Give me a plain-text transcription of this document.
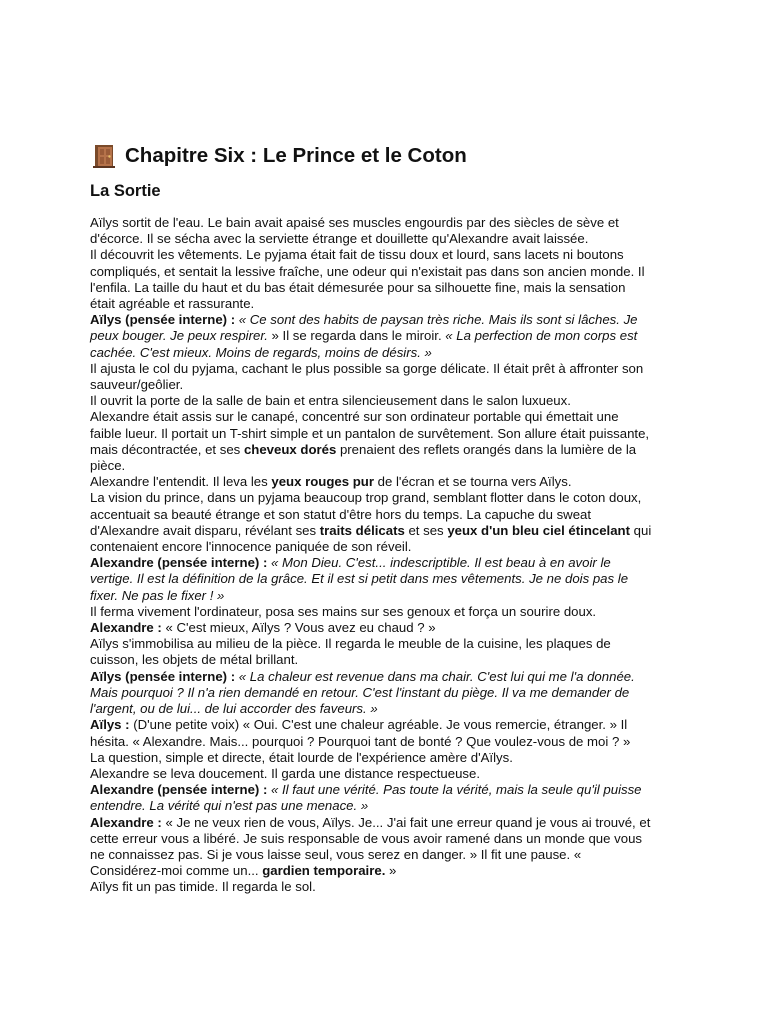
Chapitre Six : Le Prince et le Coton
La Sortie

Aïlys sortit de l'eau. Le bain avait apaisé ses muscles engourdis par des siècles de sève et
d'écorce. Il se sécha avec la serviette étrange et douillette qu'Alexandre avait laissée.

Il découvrit les vêtements. Le pyjama était fait de tissu doux et lourd, sans lacets ni boutons
compliqués, et sentait la lessive fraîche, une odeur qui n'existait pas dans son ancien monde. Il
l'enfila. La taille du haut et du bas était démesurée pour sa silhouette fine, mais la sensation
était agréable et rassurante.

Aïlys (pensée interne) : « Ce sont des habits de paysan très riche. Mais ils sont si lâches. Je
peux bouger. Je peux respirer. » Il se regarda dans le miroir. « La perfection de mon corps est
cachée. C'est mieux. Moins de regards, moins de désirs. »

Il ajusta le col du pyjama, cachant le plus possible sa gorge délicate. Il était prêt à affronter son
sauveur/geôlier.

Il ouvrit la porte de la salle de bain et entra silencieusement dans le salon luxueux.

Alexandre était assis sur le canapé, concentré sur son ordinateur portable qui émettait une
faible lueur. Il portait un T-shirt simple et un pantalon de survêtement. Son allure était puissante,
mais décontractée, et ses cheveux dorés prenaient des reflets orangés dans la lumière de la
pièce.

Alexandre l'entendit. Il leva les yeux rouges pur de l'écran et se tourna vers Aïlys.

La vision du prince, dans un pyjama beaucoup trop grand, semblant flotter dans le coton doux,
accentuait sa beauté étrange et son statut d'être hors du temps. La capuche du sweat
d'Alexandre avait disparu, révélant ses traits délicats et ses yeux d'un bleu ciel étincelant qui
contenaient encore l'innocence paniquée de son réveil.

Alexandre (pensée interne) : « Mon Dieu. C'est... indescriptible. Il est beau à en avoir le
vertige. Il est la définition de la grâce. Et il est si petit dans mes vêtements. Je ne dois pas le
fixer. Ne pas le fixer ! »

Il ferma vivement l'ordinateur, posa ses mains sur ses genoux et força un sourire doux.

Alexandre : « C'est mieux, Aïlys ? Vous avez eu chaud ? »

Aïlys s'immobilisa au milieu de la pièce. Il regarda le meuble de la cuisine, les plaques de
cuisson, les objets de métal brillant.

Aïlys (pensée interne) : « La chaleur est revenue dans ma chair. C'est lui qui me l'a donnée.
Mais pourquoi ? Il n'a rien demandé en retour. C'est l'instant du piège. Il va me demander de
l'argent, ou de lui... de lui accorder des faveurs. »

Aïlys : (D'une petite voix) « Oui. C'est une chaleur agréable. Je vous remercie, étranger. » Il
hésita. « Alexandre. Mais... pourquoi ? Pourquoi tant de bonté ? Que voulez-vous de moi ? »

La question, simple et directe, était lourde de l'expérience amère d'Aïlys.

Alexandre se leva doucement. Il garda une distance respectueuse.

Alexandre (pensée interne) : « Il faut une vérité. Pas toute la vérité, mais la seule qu'il puisse
entendre. La vérité qui n'est pas une menace. »

Alexandre : « Je ne veux rien de vous, Aïlys. Je... J'ai fait une erreur quand je vous ai trouvé, et
cette erreur vous a libéré. Je suis responsable de vous avoir ramené dans un monde que vous
ne connaissez pas. Si je vous laisse seul, vous serez en danger. » Il fit une pause. «
Considérez-moi comme un... gardien temporaire. »

Aïlys fit un pas timide. Il regarda le sol.
